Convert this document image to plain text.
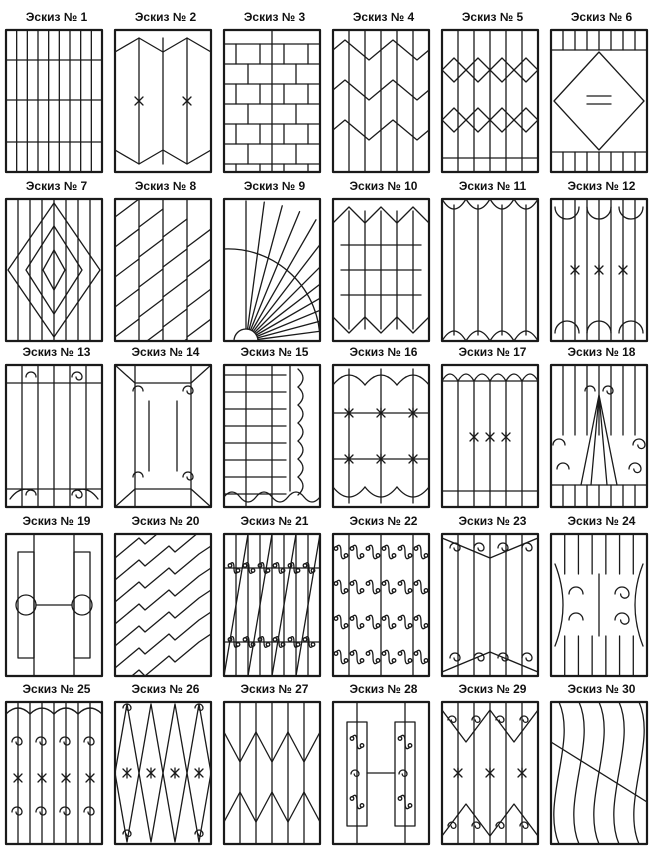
Эскиз № 1	Эскиз № 2	Эскиз № 3	Эскиз № 4	Эскиз № 5	Эскиз № 6
Эскиз № 7	Эскиз № 8	Эскиз № 9	Эскиз № 10	Эскиз № 11	Эскиз № 12
Эскиз № 13	Эскиз № 14	Эскиз № 15	Эскиз № 16	Эскиз № 17	Эскиз № 18
Эскиз № 19	Эскиз № 20	Эскиз № 21	Эскиз № 22	Эскиз № 23	Эскиз № 24
Эскиз № 25	Эскиз № 26	Эскиз № 27	Эскиз № 28	Эскиз № 29	Эскиз № 30
